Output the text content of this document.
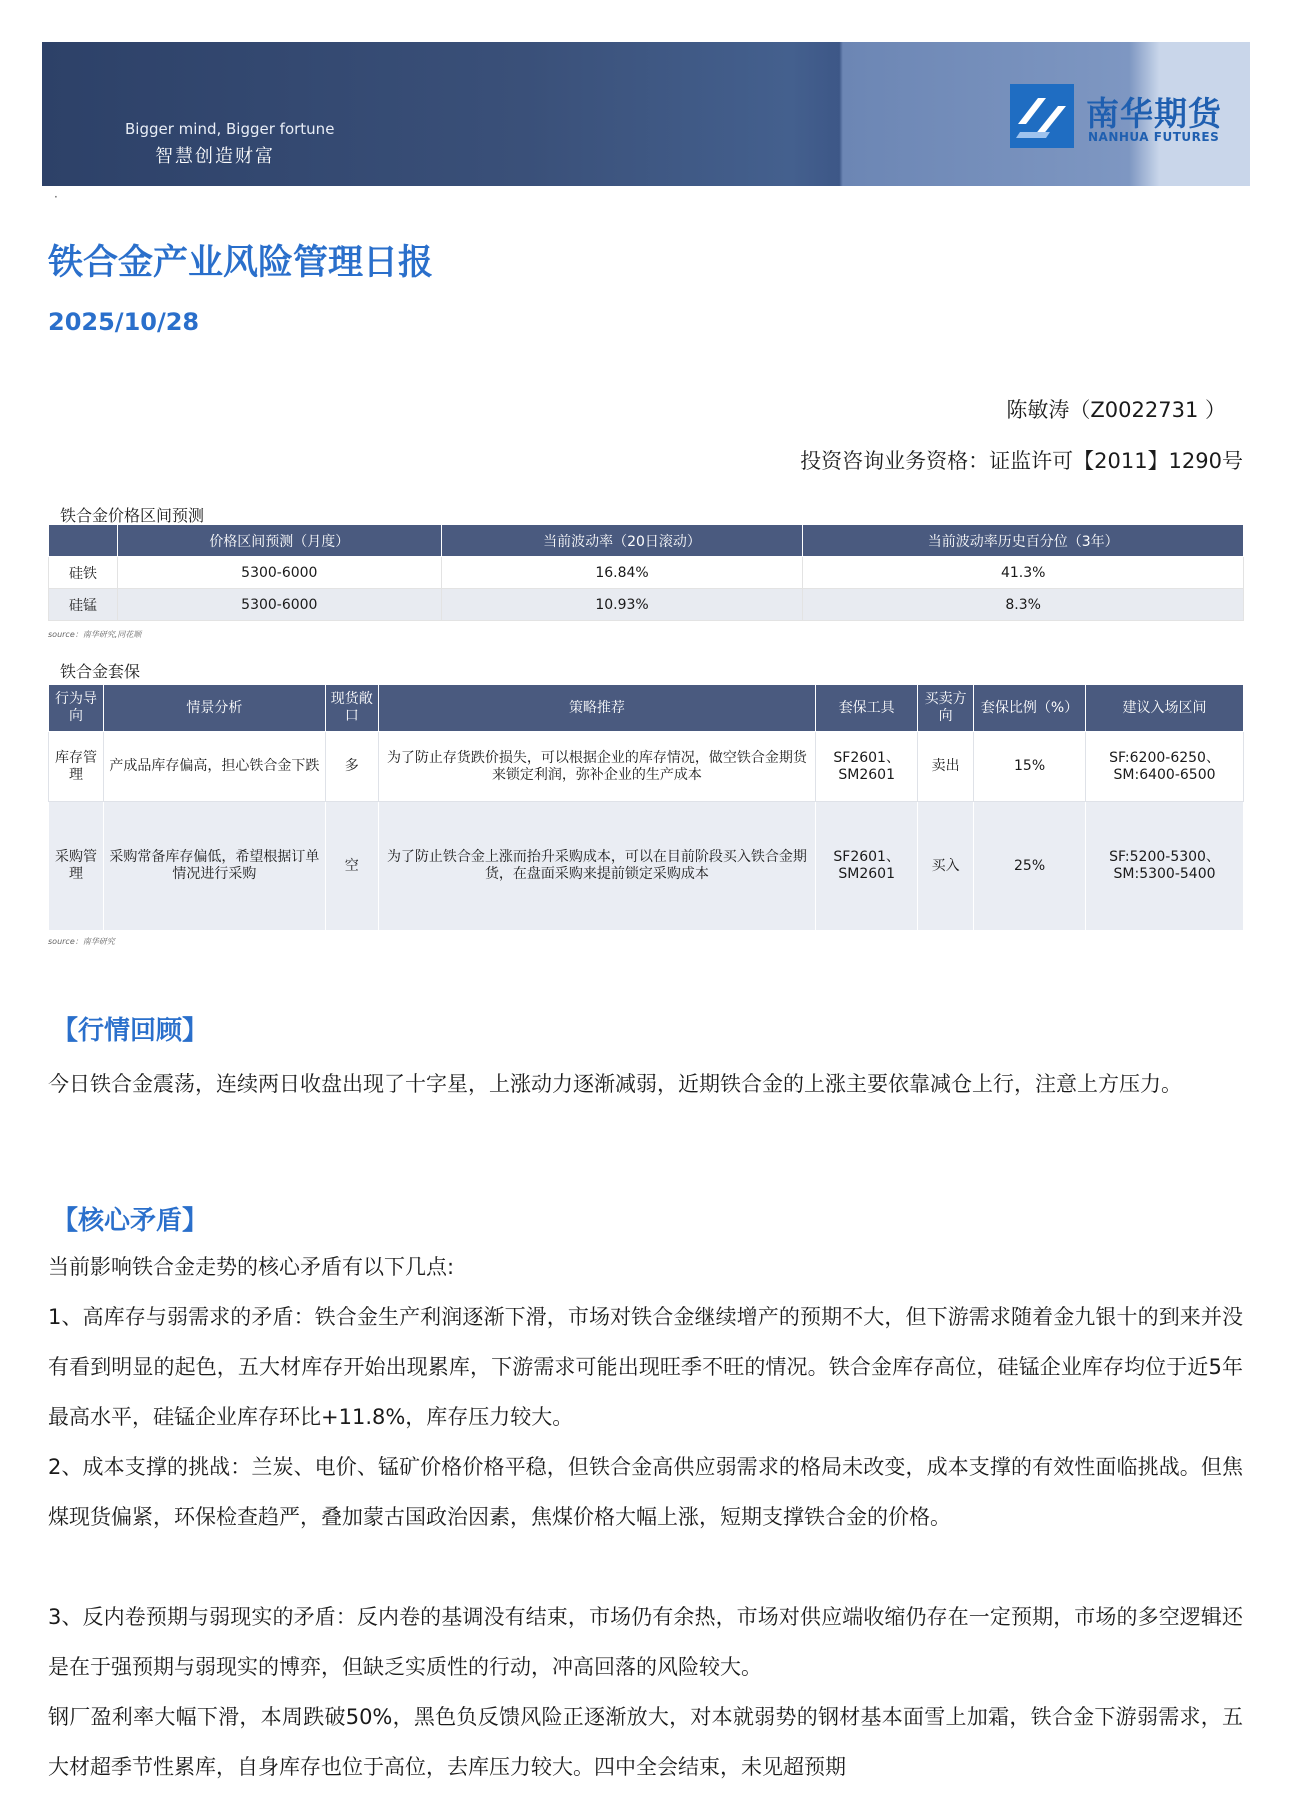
Bigger mind, Bigger fortune
智慧创造财富
南华期货
NANHUA FUTURES
·
铁合金产业风险管理日报
2025/10/28
陈敏涛（Z0022731 ）
投资咨询业务资格：证监许可【2011】1290号
铁合金价格区间预测
	价格区间预测（月度）	当前波动率（20日滚动）	当前波动率历史百分位（3年）
硅铁	5300-6000	16.84%	41.3%
硅锰	5300-6000	10.93%	8.3%
source：南华研究,同花顺
铁合金套保
行为导向	情景分析	现货敞口	策略推荐	套保工具	买卖方向	套保比例（%）	建议入场区间
库存管理	产成品库存偏高，担心铁合金下跌	多	为了防止存货跌价损失，可以根据企业的库存情况，做空铁合金期货来锁定利润，弥补企业的生产成本	SF2601、SM2601	卖出	15%	SF:6200-6250、SM:6400-6500
采购管理	采购常备库存偏低，希望根据订单情况进行采购	空	为了防止铁合金上涨而抬升采购成本，可以在目前阶段买入铁合金期货，在盘面采购来提前锁定采购成本	SF2601、SM2601	买入	25%	SF:5200-5300、SM:5300-5400
source：南华研究
【行情回顾】

今日铁合金震荡，连续两日收盘出现了十字星，上涨动力逐渐减弱，近期铁合金的上涨主要依靠减仓上行，注意上方压力。

【核心矛盾】

当前影响铁合金走势的核心矛盾有以下几点:

1、高库存与弱需求的矛盾：铁合金生产利润逐渐下滑，市场对铁合金继续增产的预期不大，但下游需求随着金九银十的到来并没有看到明显的起色，五大材库存开始出现累库，下游需求可能出现旺季不旺的情况。铁合金库存高位，硅锰企业库存均位于近5年最高水平，硅锰企业库存环比+11.8%，库存压力较大。

2、成本支撑的挑战：兰炭、电价、锰矿价格价格平稳，但铁合金高供应弱需求的格局未改变，成本支撑的有效性面临挑战。但焦煤现货偏紧，环保检查趋严，叠加蒙古国政治因素，焦煤价格大幅上涨，短期支撑铁合金的价格。

3、反内卷预期与弱现实的矛盾：反内卷的基调没有结束，市场仍有余热，市场对供应端收缩仍存在一定预期，市场的多空逻辑还是在于强预期与弱现实的博弈，但缺乏实质性的行动，冲高回落的风险较大。

钢厂盈利率大幅下滑，本周跌破50%，黑色负反馈风险正逐渐放大，对本就弱势的钢材基本面雪上加霜，铁合金下游弱需求，五大材超季节性累库，自身库存也位于高位，去库压力较大。四中全会结束，未见超预期
